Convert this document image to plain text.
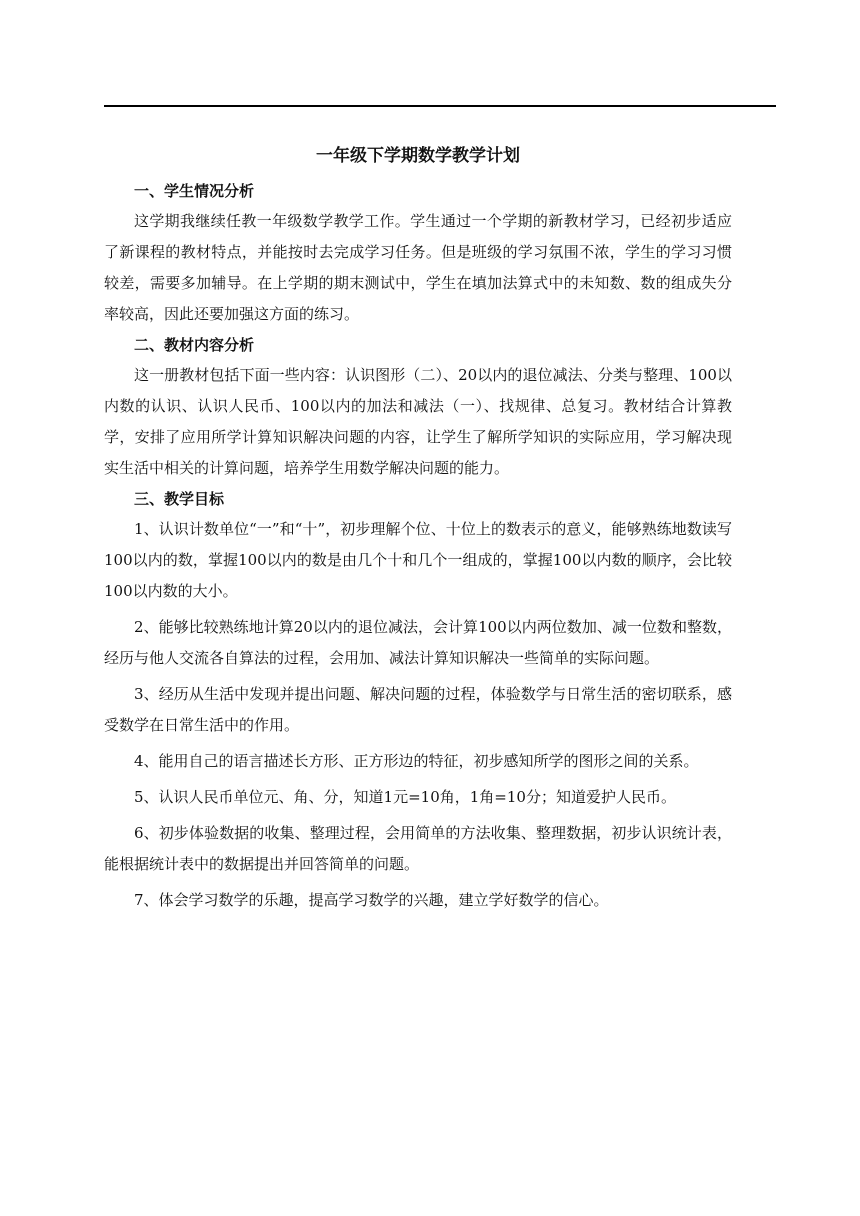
一年级下学期数学教学计划
一、学生情况分析

这学期我继续任教一年级数学教学工作。学生通过一个学期的新教材学习，已经初步适应了新课程的教材特点，并能按时去完成学习任务。但是班级的学习氛围不浓，学生的学习习惯较差，需要多加辅导。在上学期的期末测试中，学生在填加法算式中的未知数、数的组成失分率较高，因此还要加强这方面的练习。

二、教材内容分析

这一册教材包括下面一些内容：认识图形（二）、20以内的退位减法、分类与整理、100以内数的认识、认识人民币、100以内的加法和减法（一）、找规律、总复习。教材结合计算教学，安排了应用所学计算知识解决问题的内容，让学生了解所学知识的实际应用，学习解决现实生活中相关的计算问题，培养学生用数学解决问题的能力。

三、教学目标

1、认识计数单位“一”和“十”，初步理解个位、十位上的数表示的意义，能够熟练地数读写100以内的数，掌握100以内的数是由几个十和几个一组成的，掌握100以内数的顺序，会比较100以内数的大小。

2、能够比较熟练地计算20以内的退位减法，会计算100以内两位数加、减一位数和整数，经历与他人交流各自算法的过程，会用加、减法计算知识解决一些简单的实际问题。

3、经历从生活中发现并提出问题、解决问题的过程，体验数学与日常生活的密切联系，感受数学在日常生活中的作用。

4、能用自己的语言描述长方形、正方形边的特征，初步感知所学的图形之间的关系。

5、认识人民币单位元、角、分，知道1元=10角，1角=10分；知道爱护人民币。

6、初步体验数据的收集、整理过程，会用简单的方法收集、整理数据，初步认识统计表，能根据统计表中的数据提出并回答简单的问题。

7、体会学习数学的乐趣，提高学习数学的兴趣，建立学好数学的信心。
